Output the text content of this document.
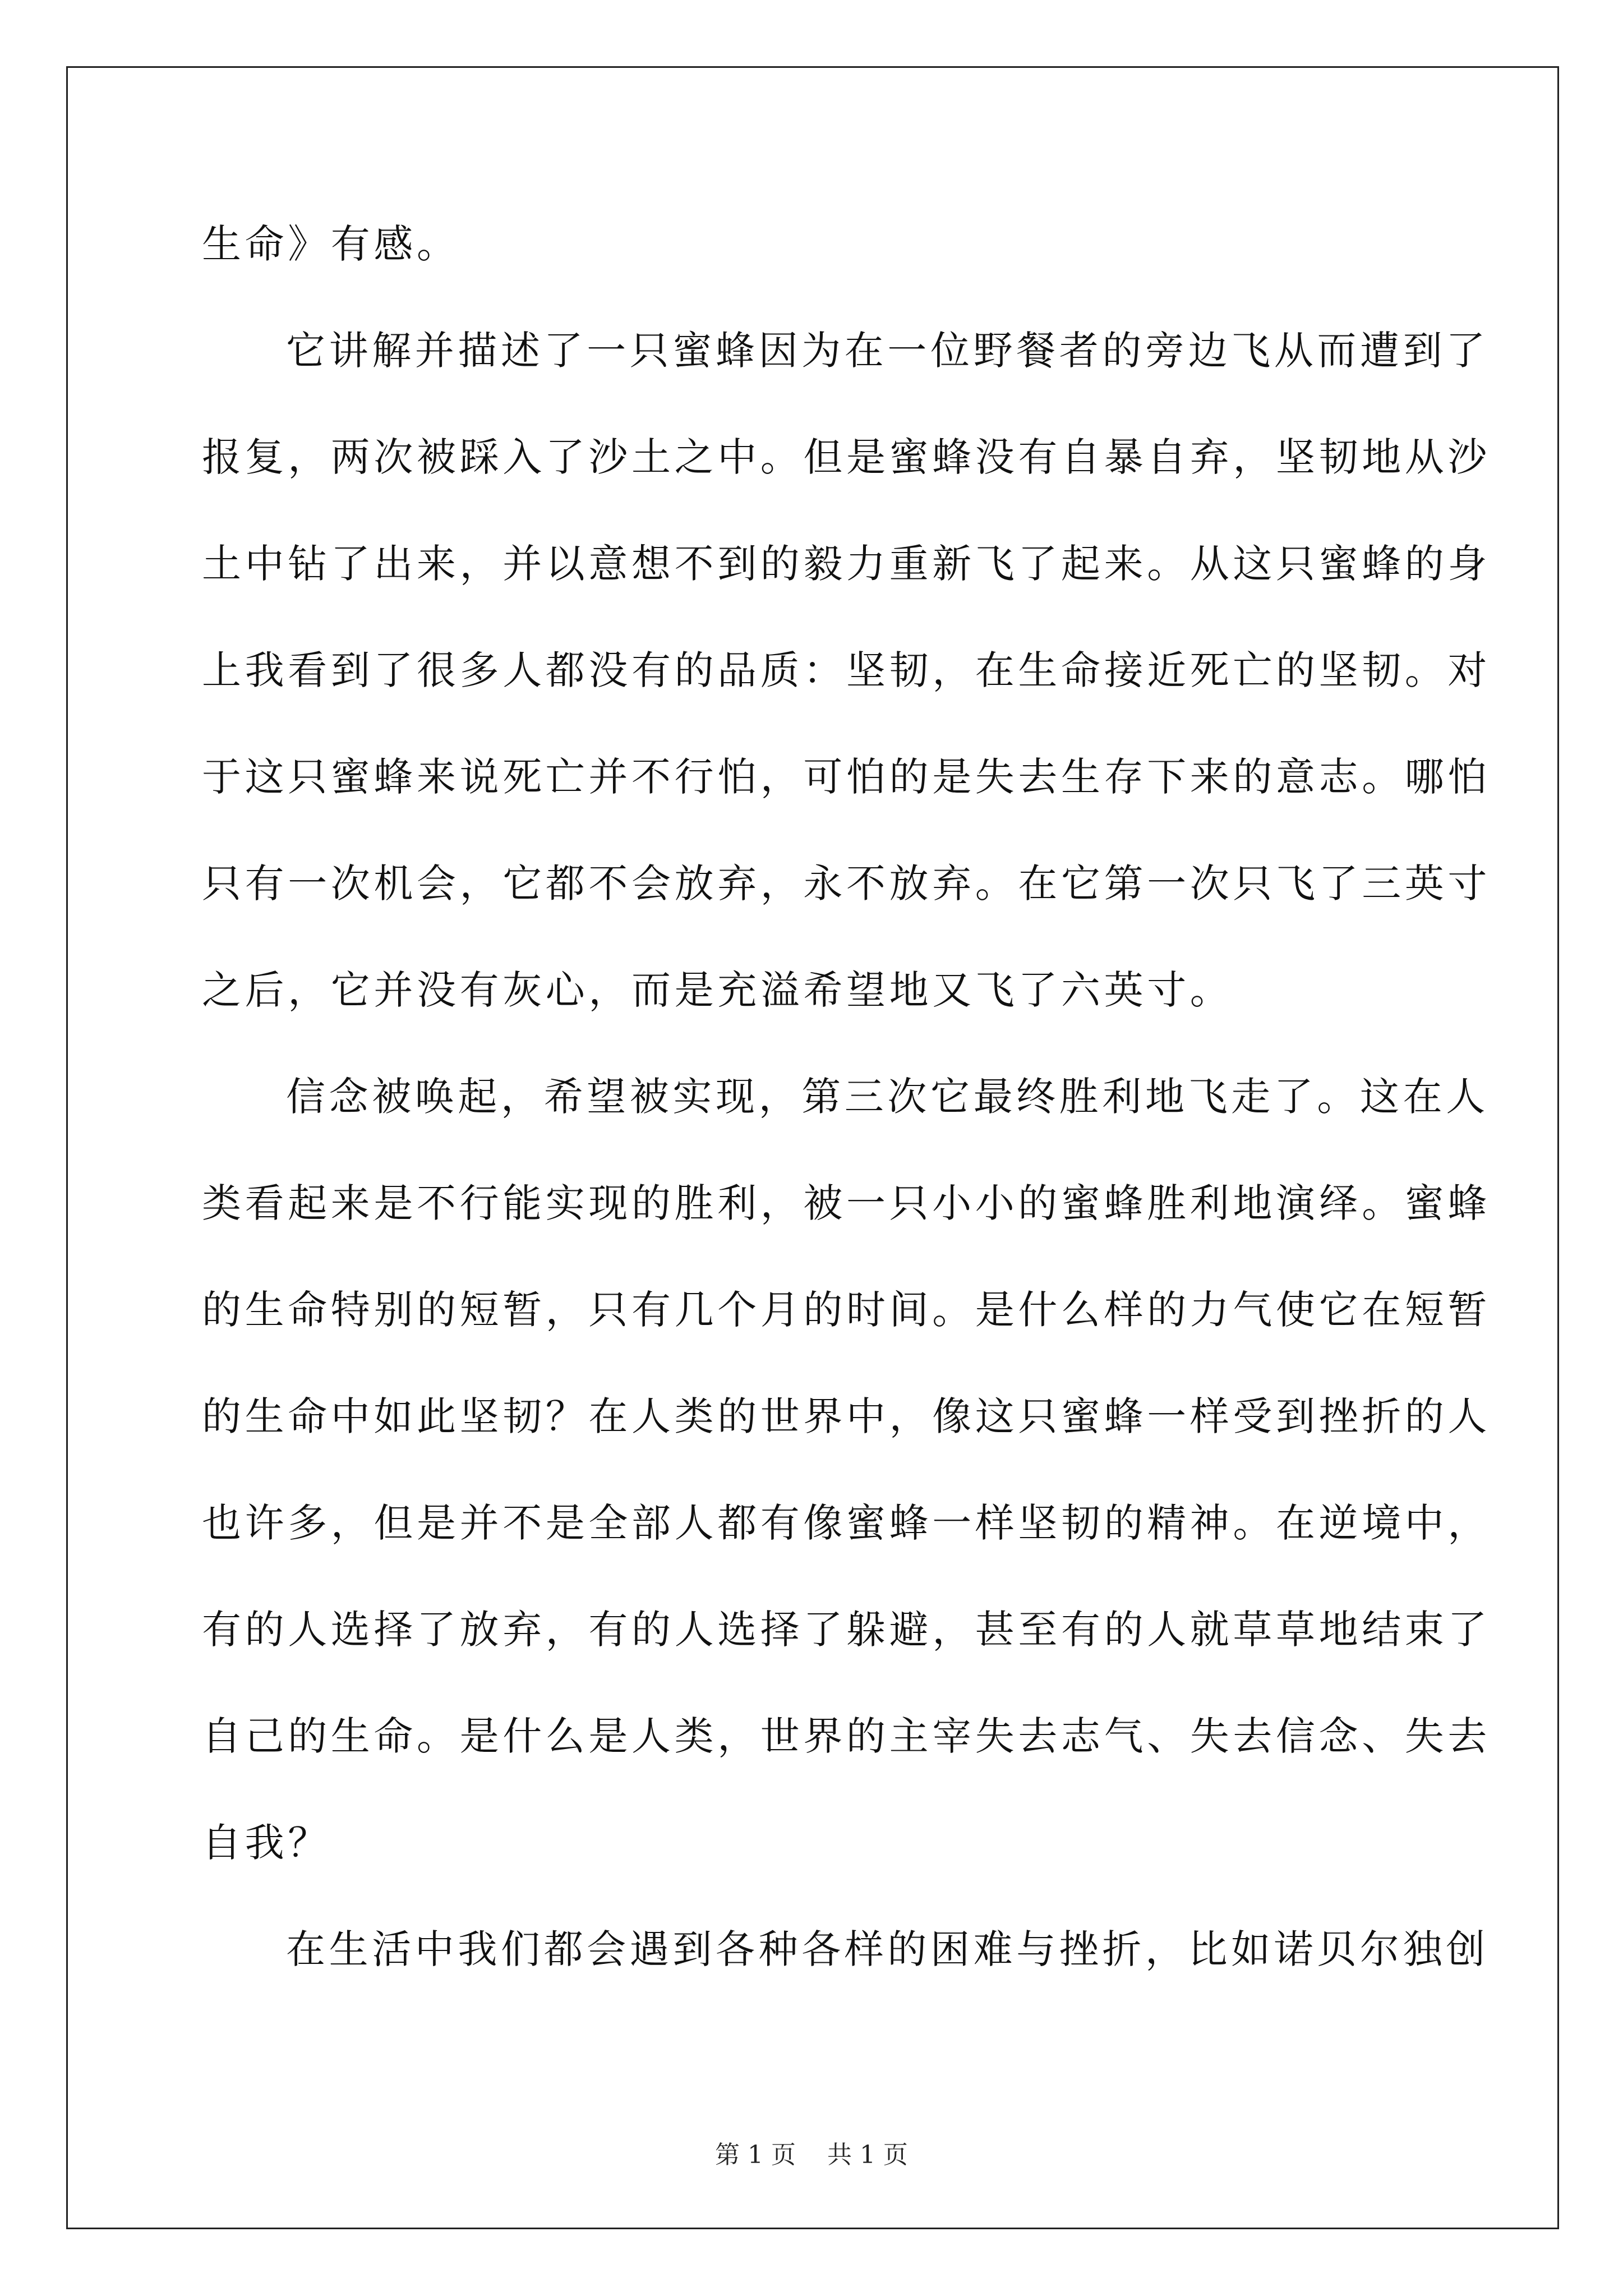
生命》有感。
它讲解并描述了一只蜜蜂因为在一位野餐者的旁边飞从而遭到了
报复，两次被踩入了沙土之中。但是蜜蜂没有自暴自弃，坚韧地从沙
土中钻了出来，并以意想不到的毅力重新飞了起来。从这只蜜蜂的身
上我看到了很多人都没有的品质：坚韧，在生命接近死亡的坚韧。对
于这只蜜蜂来说死亡并不行怕，可怕的是失去生存下来的意志。哪怕
只有一次机会，它都不会放弃，永不放弃。在它第一次只飞了三英寸
之后，它并没有灰心，而是充溢希望地又飞了六英寸。
信念被唤起，希望被实现，第三次它最终胜利地飞走了。这在人
类看起来是不行能实现的胜利，被一只小小的蜜蜂胜利地演绎。蜜蜂
的生命特别的短暂，只有几个月的时间。是什么样的力气使它在短暂
的生命中如此坚韧？在人类的世界中，像这只蜜蜂一样受到挫折的人
也许多，但是并不是全部人都有像蜜蜂一样坚韧的精神。在逆境中，
有的人选择了放弃，有的人选择了躲避，甚至有的人就草草地结束了
自己的生命。是什么是人类，世界的主宰失去志气、失去信念、失去
自我？
在生活中我们都会遇到各种各样的困难与挫折，比如诺贝尔独创
第 1 页    共 1 页
